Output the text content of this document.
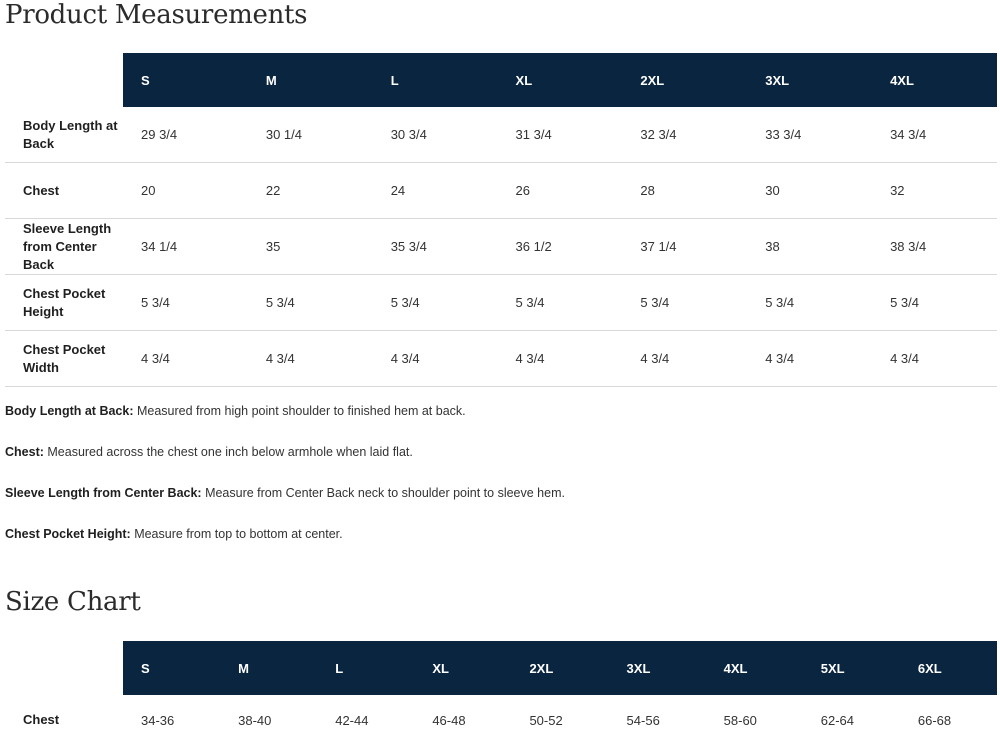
Product Measurements
	S	M	L	XL	2XL	3XL	4XL
Body Length at Back	29 3/4	30 1/4	30 3/4	31 3/4	32 3/4	33 3/4	34 3/4
Chest	20	22	24	26	28	30	32
Sleeve Length from Center Back	34 1/4	35	35 3/4	36 1/2	37 1/4	38	38 3/4
Chest Pocket Height	5 3/4	5 3/4	5 3/4	5 3/4	5 3/4	5 3/4	5 3/4
Chest Pocket Width	4 3/4	4 3/4	4 3/4	4 3/4	4 3/4	4 3/4	4 3/4

Body Length at Back: Measured from high point shoulder to finished hem at back.

Chest: Measured across the chest one inch below armhole when laid flat.

Sleeve Length from Center Back: Measure from Center Back neck to shoulder point to sleeve hem.

Chest Pocket Height: Measure from top to bottom at center.

Size Chart
	S	M	L	XL	2XL	3XL	4XL	5XL	6XL
Chest	34-36	38-40	42-44	46-48	50-52	54-56	58-60	62-64	66-68
